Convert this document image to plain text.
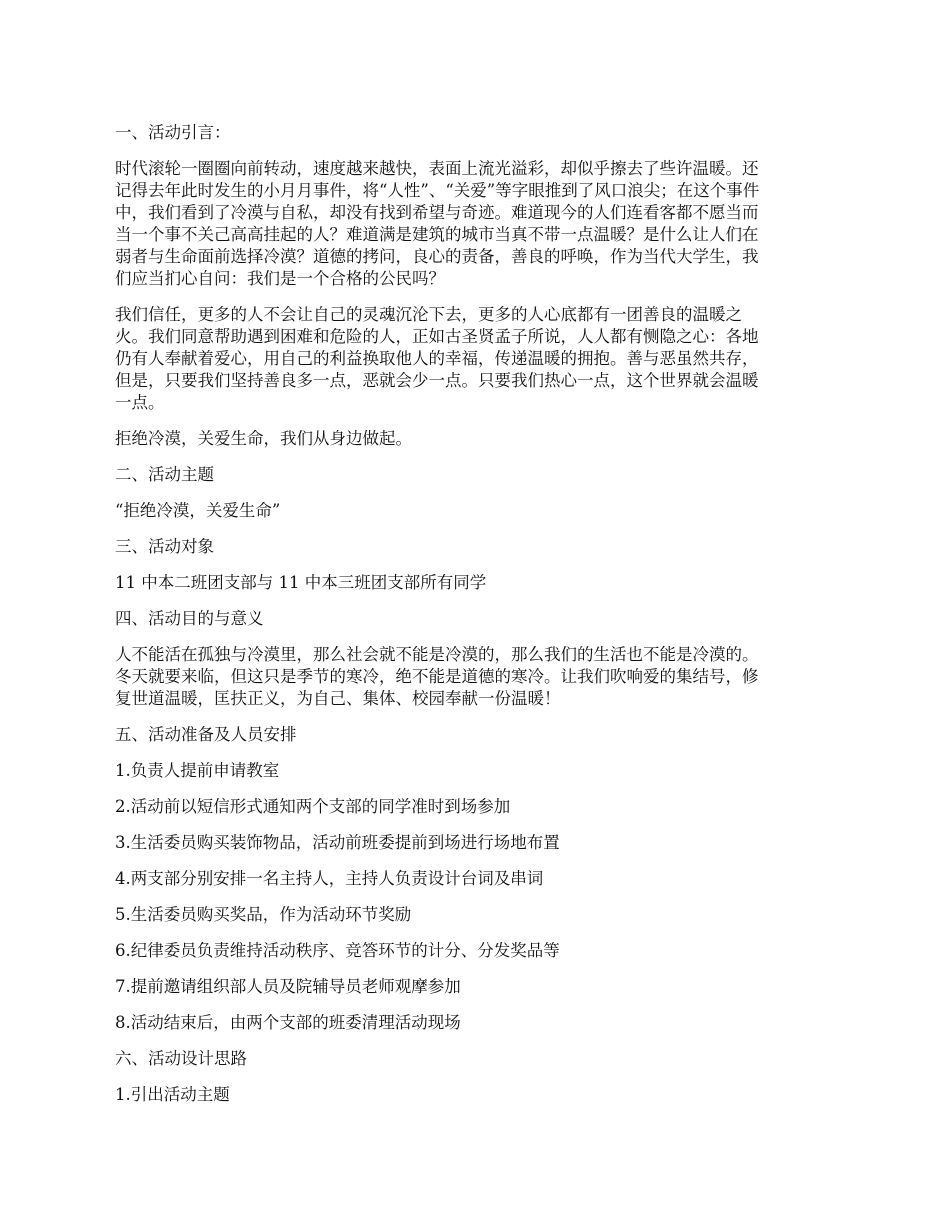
一、活动引言：
时代滚轮一圈圈向前转动，速度越来越快，表面上流光溢彩，却似乎擦去了些许温暖。还
记得去年此时发生的小月月事件，将“人性”、“关爱”等字眼推到了风口浪尖；在这个事件
中，我们看到了冷漠与自私，却没有找到希望与奇迹。难道现今的人们连看客都不愿当而
当一个事不关己高高挂起的人？难道满是建筑的城市当真不带一点温暖？是什么让人们在
弱者与生命面前选择冷漠？道德的拷问，良心的责备，善良的呼唤，作为当代大学生，我
们应当扪心自问：我们是一个合格的公民吗？
我们信任，更多的人不会让自己的灵魂沉沦下去，更多的人心底都有一团善良的温暖之
火。我们同意帮助遇到困难和危险的人，正如古圣贤孟子所说，人人都有恻隐之心：各地
仍有人奉献着爱心，用自己的利益换取他人的幸福，传递温暖的拥抱。善与恶虽然共存，
但是，只要我们坚持善良多一点，恶就会少一点。只要我们热心一点，这个世界就会温暖
一点。
拒绝冷漠，关爱生命，我们从身边做起。
二、活动主题
“拒绝冷漠，关爱生命”
三、活动对象
11 中本二班团支部与 11 中本三班团支部所有同学
四、活动目的与意义
人不能活在孤独与冷漠里，那么社会就不能是冷漠的，那么我们的生活也不能是冷漠的。
冬天就要来临，但这只是季节的寒冷，绝不能是道德的寒冷。让我们吹响爱的集结号，修
复世道温暖，匡扶正义，为自己、集体、校园奉献一份温暖！
五、活动准备及人员安排
1.负责人提前申请教室
2.活动前以短信形式通知两个支部的同学准时到场参加
3.生活委员购买装饰物品，活动前班委提前到场进行场地布置
4.两支部分别安排一名主持人，主持人负责设计台词及串词
5.生活委员购买奖品，作为活动环节奖励
6.纪律委员负责维持活动秩序、竞答环节的计分、分发奖品等
7.提前邀请组织部人员及院辅导员老师观摩参加
8.活动结束后，由两个支部的班委清理活动现场
六、活动设计思路
1.引出活动主题
